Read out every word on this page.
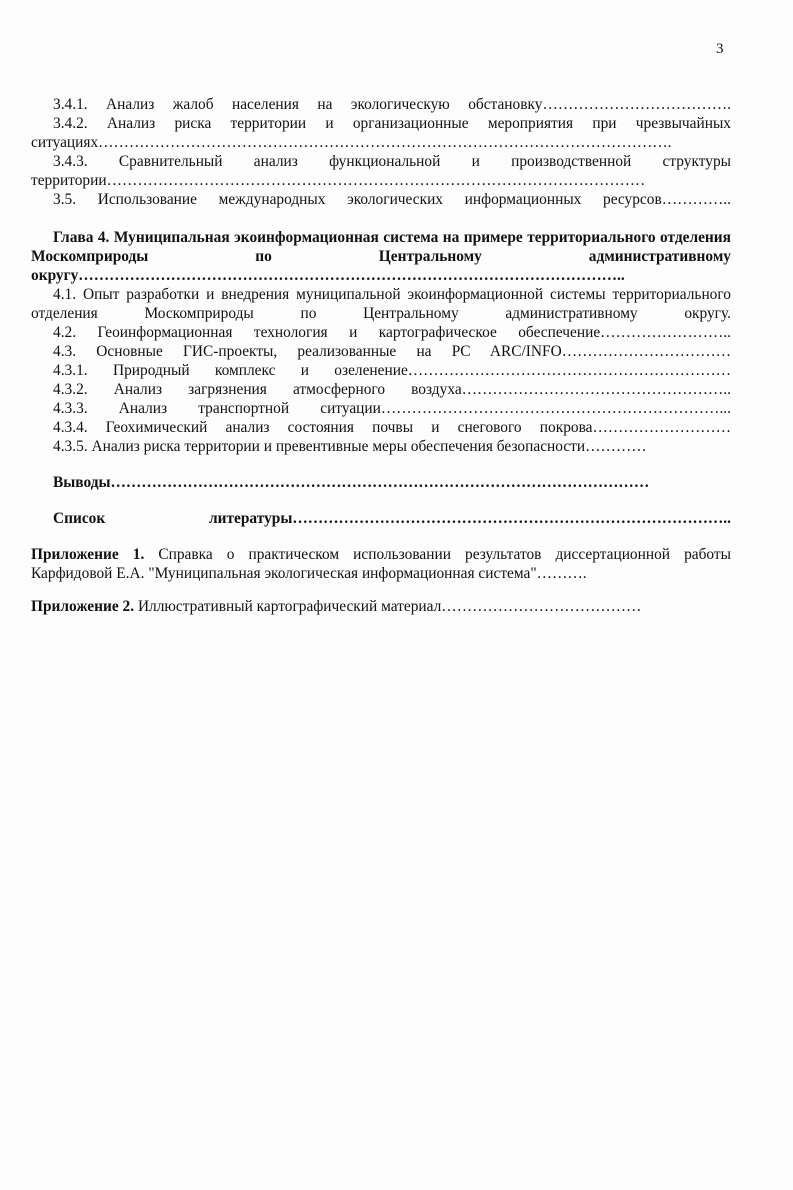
3

3.4.1. Анализ жалоб населения на экологическую обстановку……………………………….

3.4.2. Анализ риска территории и организационные мероприятия при чрезвычайных ситуациях………………………………………………………………………………………………….

3.4.3. Сравнительный анализ функциональной и производственной структуры территории……………………………………………………………………………………………

3.5. Использование международных экологических информационных ресурсов…………..

Глава 4. Муниципальная экоинформационная система на примере территориального отделения Москомприроды по Центральному административному округу……………………………………………………………………………………………..

4.1. Опыт разработки и внедрения муниципальной экоинформационной системы территориального отделения Москомприроды по Центральному административному округу.

4.2. Геоинформационная технология и картографическое обеспечение……………………..

4.3. Основные ГИС-проекты, реализованные на PC ARC/INFO……………………………

4.3.1. Природный комплекс и озеленение………………………………………………………

4.3.2. Анализ загрязнения атмосферного воздуха……………………………………………..

4.3.3. Анализ транспортной ситуации…………………………………………………………...

4.3.4. Геохимический анализ состояния почвы и снегового покрова………………………

4.3.5. Анализ риска территории и превентивные меры обеспечения безопасности…………

Выводы……………………………………………………………………………………………

Список литературы…………………………………………………………………………..

Приложение 1. Справка о практическом использовании результатов диссертационной работы Карфидовой Е.А. "Муниципальная экологическая информационная система"……….

Приложение 2. Иллюстративный картографический материал…………………………………
